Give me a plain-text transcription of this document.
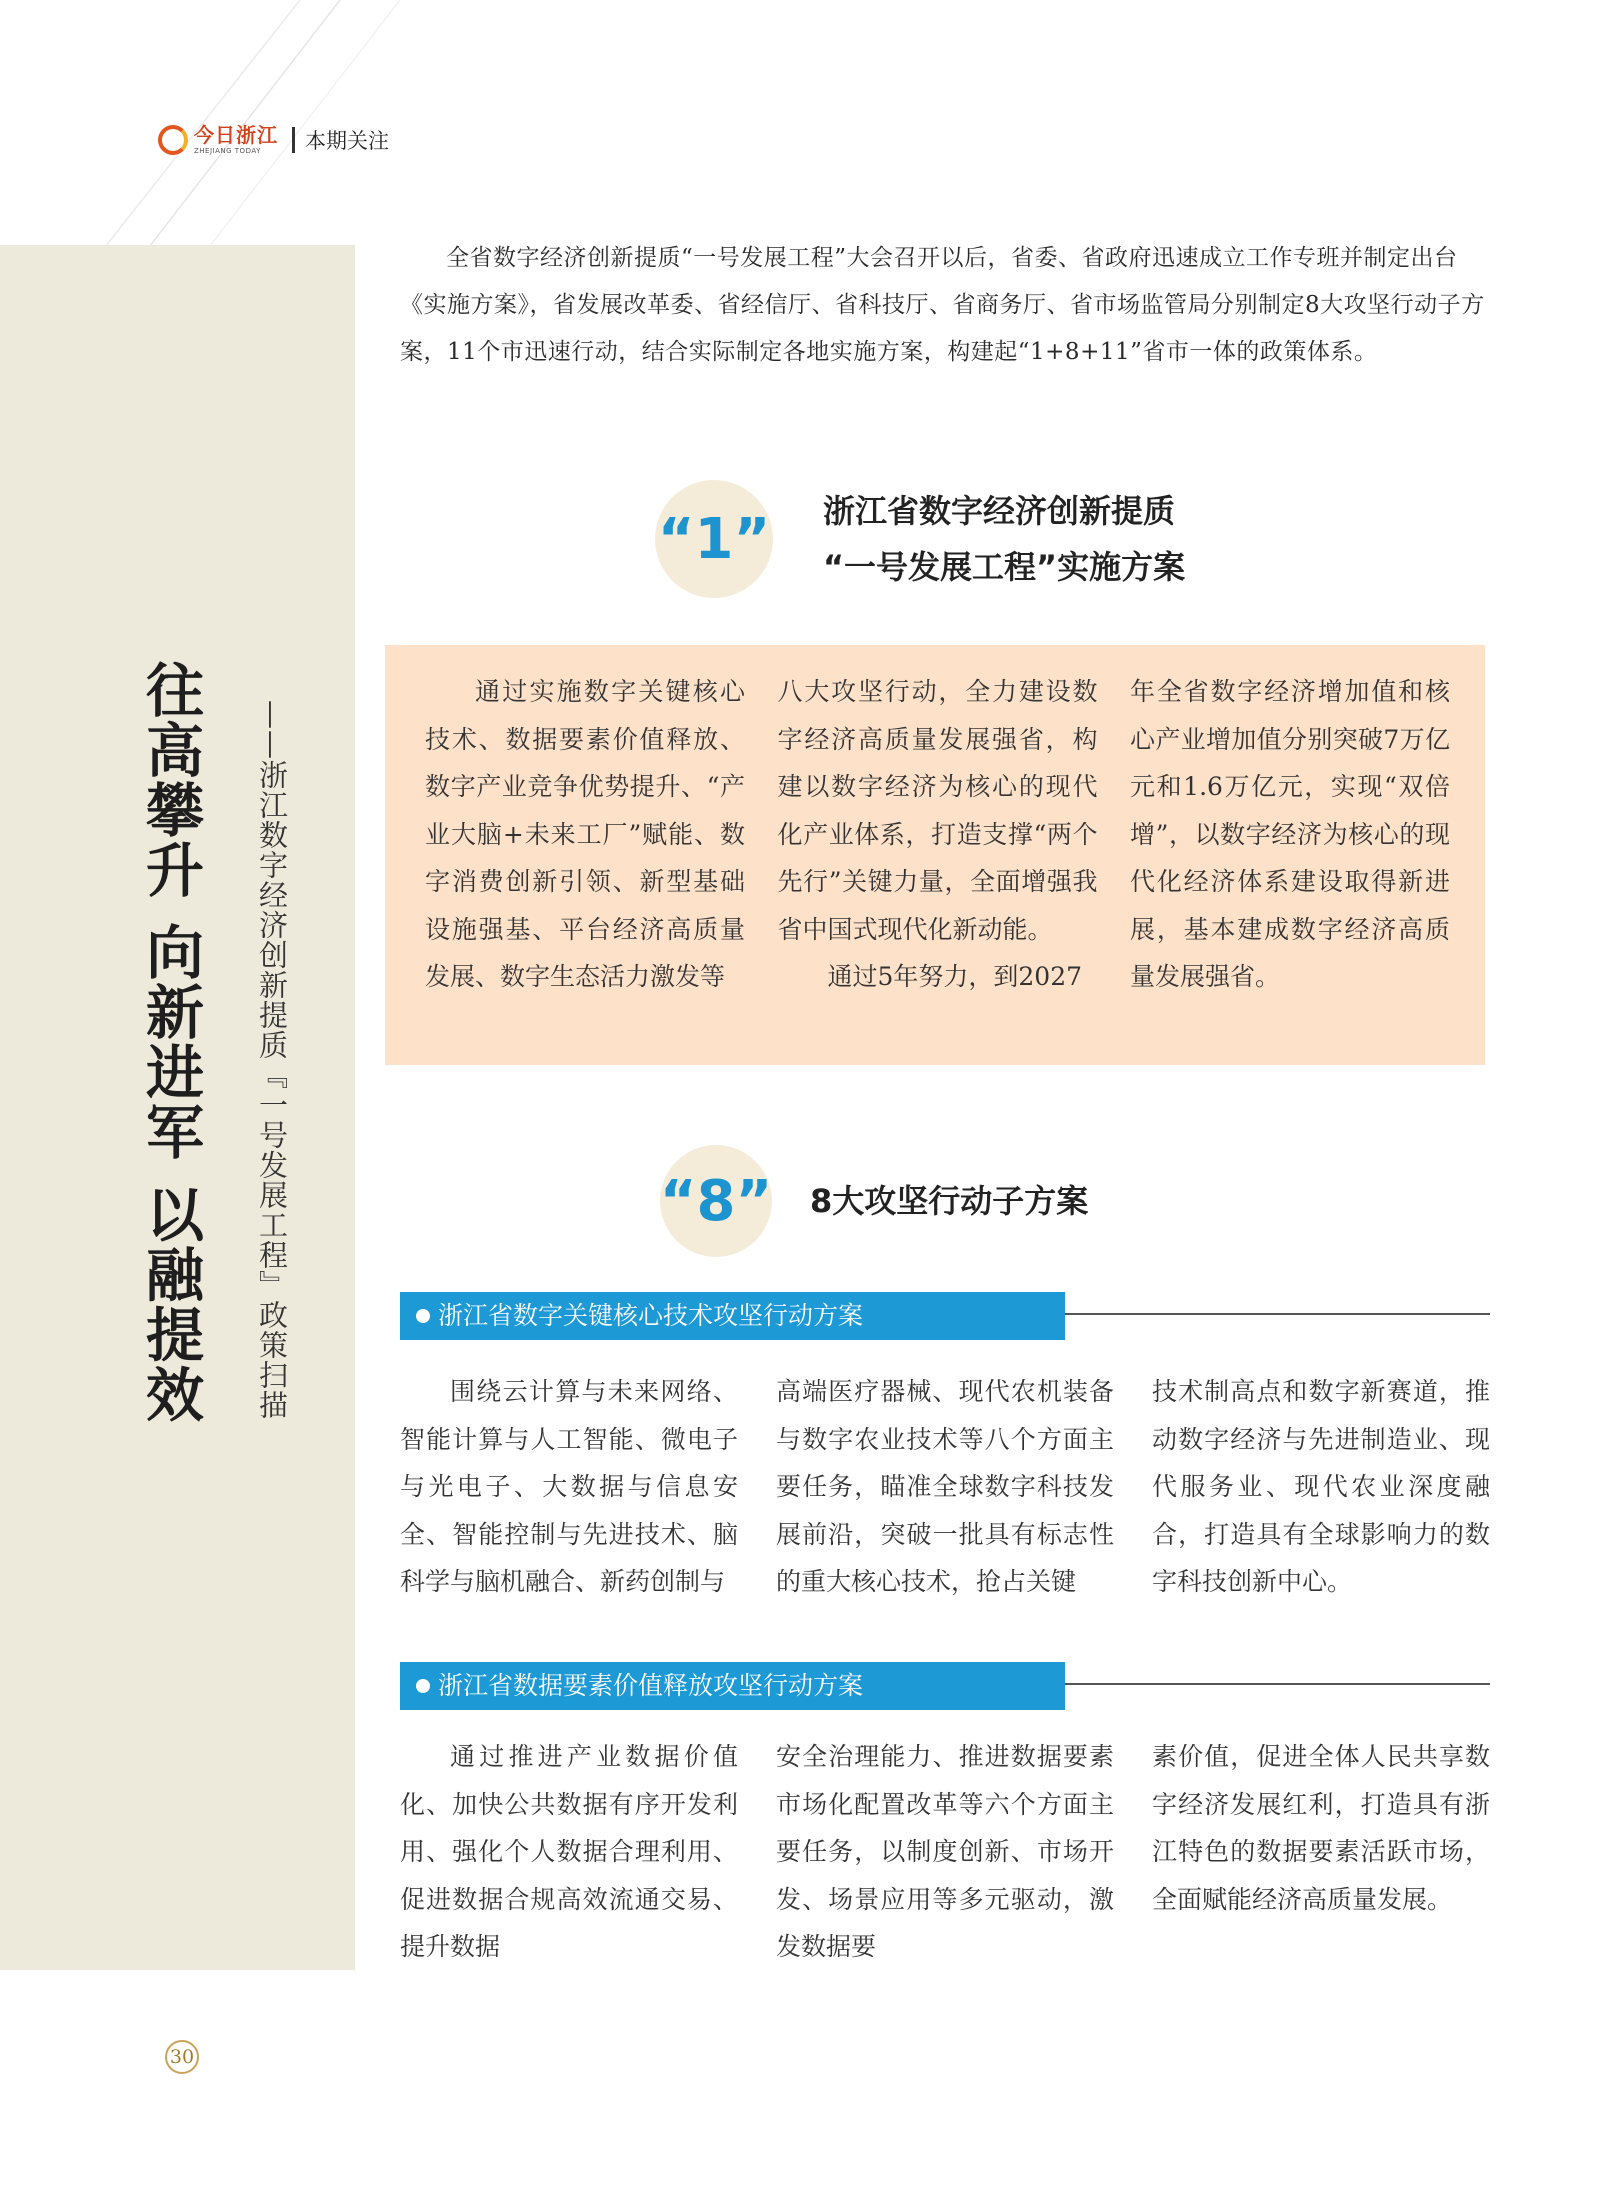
今日浙江
ZHEJIANG TODAY	本期关注
往高攀升 向新进军 以融提效 ——浙江数字经济创新提质『一号发展工程』政策扫描

全省数字经济创新提质“一号发展工程”大会召开以后，省委、省政府迅速成立工作专班并制定出台《实施方案》，省发展改革委、省经信厅、省科技厅、省商务厅、省市场监管局分别制定8大攻坚行动子方案，11个市迅速行动，结合实际制定各地实施方案，构建起“1+8+11”省市一体的政策体系。

“1” 浙江省数字经济创新提质
“一号发展工程”实施方案

通过实施数字关键核心技术、数据要素价值释放、数字产业竞争优势提升、“产业大脑+未来工厂”赋能、数字消费创新引领、新型基础设施强基、平台经济高质量发展、数字生态活力激发等

八大攻坚行动，全力建设数字经济高质量发展强省，构建以数字经济为核心的现代化产业体系，打造支撑“两个先行”关键力量，全面增强我省中国式现代化新动能。
通过5年努力，到2027

年全省数字经济增加值和核心产业增加值分别突破7万亿元和1.6万亿元，实现“双倍增”，以数字经济为核心的现代化经济体系建设取得新进展，基本建成数字经济高质量发展强省。

“8” 8大攻坚行动子方案
浙江省数字关键核心技术攻坚行动方案

围绕云计算与未来网络、智能计算与人工智能、微电子与光电子、大数据与信息安全、智能控制与先进技术、脑科学与脑机融合、新药创制与

高端医疗器械、现代农机装备与数字农业技术等八个方面主要任务，瞄准全球数字科技发展前沿，突破一批具有标志性的重大核心技术，抢占关键

技术制高点和数字新赛道，推动数字经济与先进制造业、现代服务业、现代农业深度融合，打造具有全球影响力的数字科技创新中心。

浙江省数据要素价值释放攻坚行动方案

通过推进产业数据价值化、加快公共数据有序开发利用、强化个人数据合理利用、促进数据合规高效流通交易、提升数据

安全治理能力、推进数据要素市场化配置改革等六个方面主要任务，以制度创新、市场开发、场景应用等多元驱动，激发数据要

素价值，促进全体人民共享数字经济发展红利，打造具有浙江特色的数据要素活跃市场，全面赋能经济高质量发展。

30
